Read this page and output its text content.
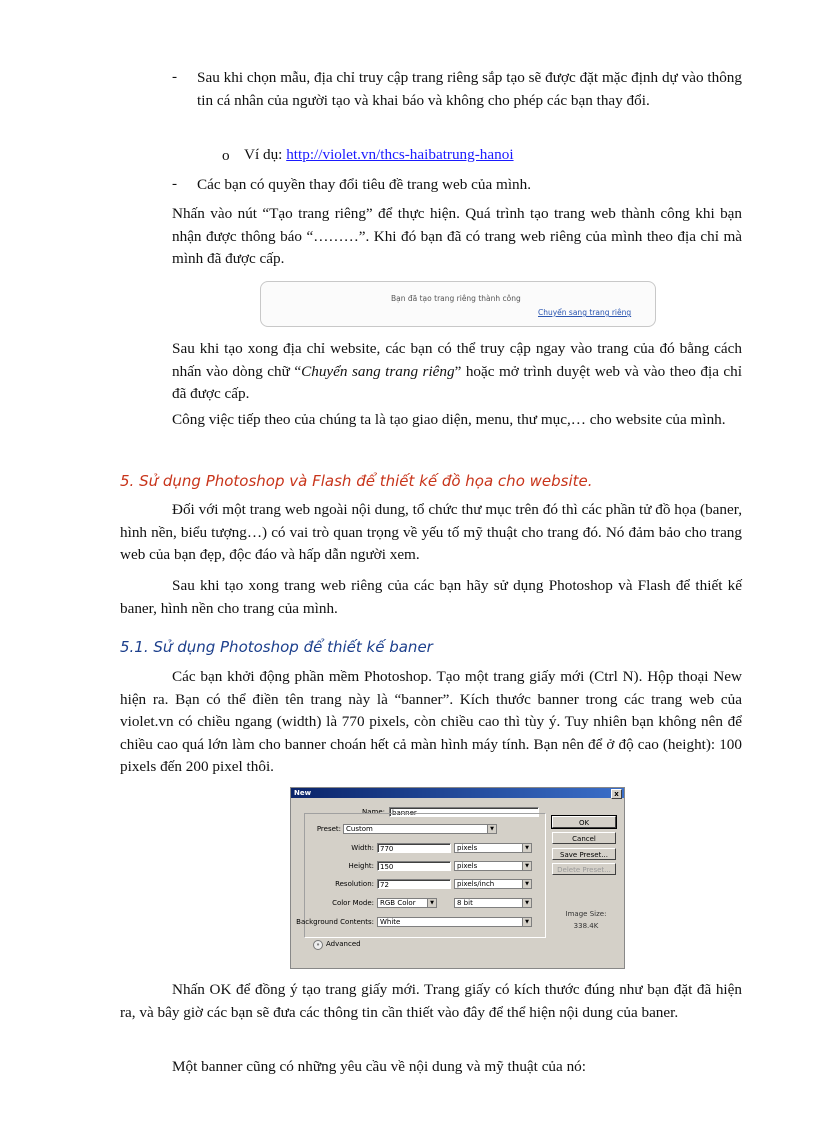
- Sau khi chọn mẫu, địa chỉ truy cập trang riêng sắp tạo sẽ được đặt mặc định dự vào thông tin cá nhân của người tạo và khai báo và không cho phép các bạn thay đổi.
o Ví dụ: http://violet.vn/thcs-haibatrung-hanoi
- Các bạn có quyền thay đổi tiêu đề trang web của mình.
Nhấn vào nút “Tạo trang riêng” để thực hiện. Quá trình tạo trang web thành công khi bạn nhận được thông báo “………”. Khi đó bạn đã có trang web riêng của mình theo địa chỉ mà mình đã được cấp.
Bạn đã tạo trang riêng thành công
Chuyển sang trang riêng
Sau khi tạo xong địa chỉ website, các bạn có thể truy cập ngay vào trang của đó bằng cách nhấn vào dòng chữ “Chuyển sang trang riêng” hoặc mở trình duyệt web và vào theo địa chỉ đã được cấp.
Công việc tiếp theo của chúng ta là tạo giao diện, menu, thư mục,… cho website của mình.
5. Sử dụng Photoshop và Flash để thiết kế đồ họa cho website.
Đối với một trang web ngoài nội dung, tổ chức thư mục trên đó thì các phần tử đồ họa (baner, hình nền, biểu tượng…) có vai trò quan trọng về yếu tố mỹ thuật cho trang đó. Nó đảm bảo cho trang web của bạn đẹp, độc đáo và hấp dẫn người xem.
Sau khi tạo xong trang web riêng của các bạn hãy sử dụng Photoshop và Flash để thiết kế baner, hình nền cho trang của mình.
5.1. Sử dụng Photoshop để thiết kế baner
Các bạn khởi động phần mềm Photoshop. Tạo một trang giấy mới (Ctrl N). Hộp thoại New hiện ra. Bạn có thể điền tên trang này là “banner”. Kích thước banner trong các trang web của violet.vn có chiều ngang (width) là 770 pixels, còn chiều cao thì tùy ý. Tuy nhiên bạn không nên để chiều cao quá lớn làm cho banner choán hết cả màn hình máy tính. Bạn nên để ở độ cao (height): 100 pixels đến 200 pixel thôi.
New	x
Name:	banner
Preset: Custom	▼
Width: 770	pixels	▼
Height: 150	pixels	▼
Resolution: 72	pixels/inch	▼
Color Mode: RGB Color	▼	8 bit	▼
Background Contents: White	▼
» Advanced
OK
Cancel
Save Preset...
Delete Preset...
Image Size:
338.4K
Nhấn OK để đồng ý tạo trang giấy mới. Trang giấy có kích thước đúng như bạn đặt đã hiện ra, và bây giờ các bạn sẽ đưa các thông tin cần thiết vào đây để thể hiện nội dung của baner.
Một banner cũng có những yêu cầu về nội dung và mỹ thuật của nó:
